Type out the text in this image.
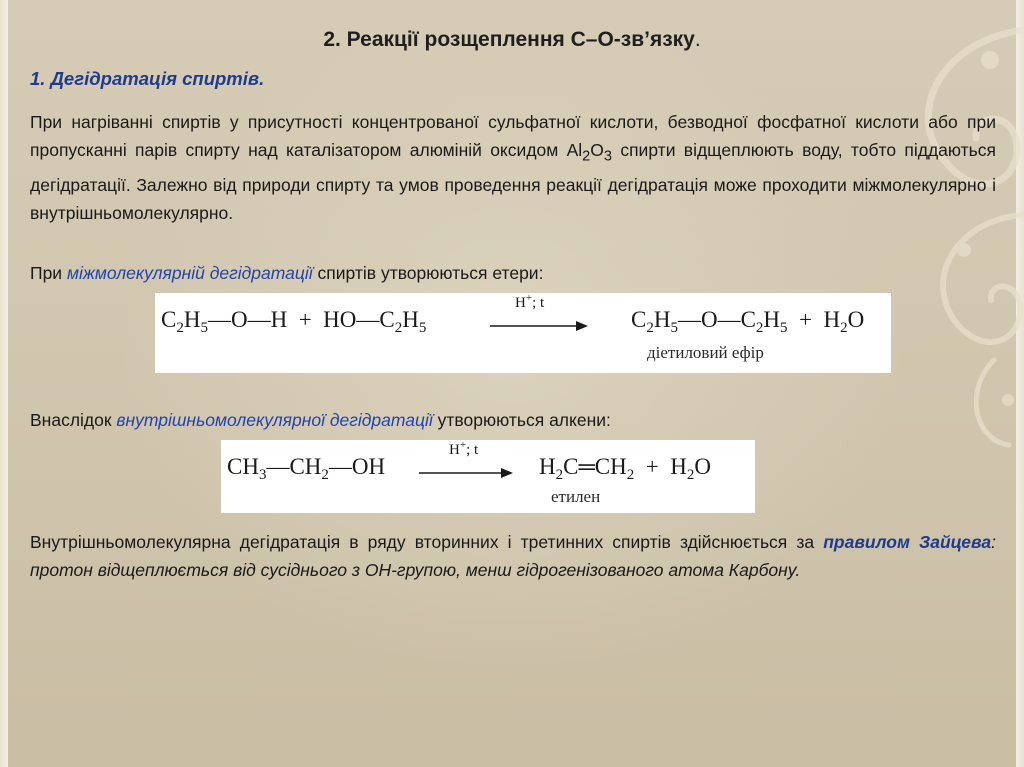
2. Реакції розщеплення С–О-зв’язку.
1. Дегідратація спиртів.
При нагріванні спиртів у присутності концентрованої сульфатної кислоти, безводної фосфатної кислоти або при пропусканні парів спирту над каталізатором алюміній оксидом $Al_2O_3$ спирти відщеплюють воду, тобто піддаються дегідратації. Залежно від природи спирту та умов проведення реакції дегідратація може проходити міжмолекулярно і внутрішньомолекулярно.
При міжмолекулярній дегідратації спиртів утворюються етери:
$C_2H_5—O—H$  +  $HO—C_2H_5$
H+; t
$C_2H_5—O—C_2H_5 + H_2O$
діетиловий ефір
Внаслідок внутрішньомолекулярної дегідратації утворюються алкени:
$CH_3—CH_2—OH$
H+; t
$H_2C═CH_2 + H_2O$
етилен
Внутрішньомолекулярна дегідратація в ряду вторинних і третинних спиртів здійснюється за правилом Зайцева: протон відщеплюється від сусіднього з ОН-групою, менш гідрогенізованого атома Карбону.
